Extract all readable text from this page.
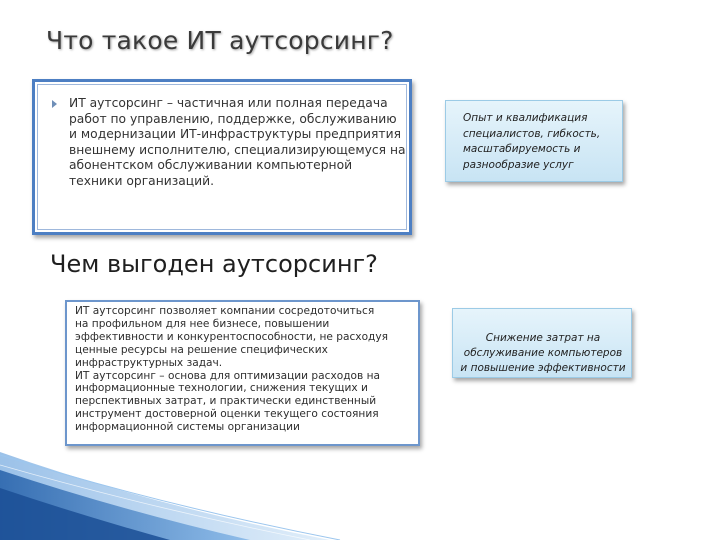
Что такое ИТ аутсорсинг?

ИТ аутсорсинг – частичная или полная передача
работ по управлению, поддержке, обслуживанию
и модернизации ИТ-инфраструктуры предприятия
внешнему исполнителю, специализирующемуся на
абонентском обслуживании компьютерной
техники организаций.

Опыт и квалификация
специалистов, гибкость,
масштабируемость и
разнообразие услуг
Чем выгоден аутсорсинг?

ИТ аутсорсинг позволяет компании сосредоточиться
на профильном для нее бизнесе, повышении
эффективности и конкурентоспособности, не расходуя
ценные ресурсы на решение специфических
инфраструктурных задач.
ИТ аутсорсинг – основа для оптимизации расходов на
информационные технологии, снижения текущих и
перспективных затрат, и практически единственный
инструмент достоверной оценки текущего состояния
информационной системы организации

Снижение затрат на
обслуживание компьютеров
и повышение эффективности
